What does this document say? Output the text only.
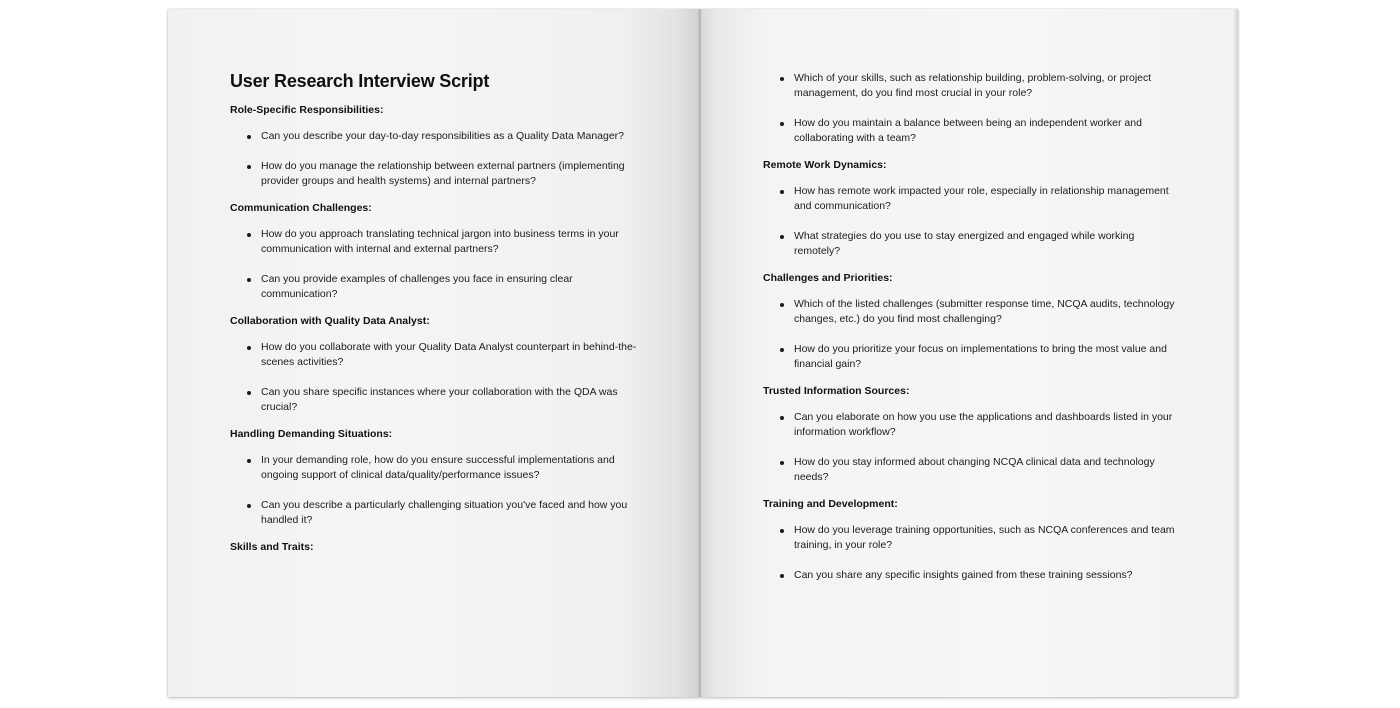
User Research Interview Script
Role-Specific Responsibilities:
Can you describe your day-to-day responsibilities as a Quality Data Manager?
How do you manage the relationship between external partners (implementing provider groups and health systems) and internal partners?
Communication Challenges:
How do you approach translating technical jargon into business terms in your communication with internal and external partners?
Can you provide examples of challenges you face in ensuring clear communication?
Collaboration with Quality Data Analyst:
How do you collaborate with your Quality Data Analyst counterpart in behind-the-scenes activities?
Can you share specific instances where your collaboration with the QDA was crucial?
Handling Demanding Situations:
In your demanding role, how do you ensure successful implementations and ongoing support of clinical data/quality/performance issues?
Can you describe a particularly challenging situation you've faced and how you handled it?
Skills and Traits:
Which of your skills, such as relationship building, problem-solving, or project management, do you find most crucial in your role?
How do you maintain a balance between being an independent worker and collaborating with a team?
Remote Work Dynamics:
How has remote work impacted your role, especially in relationship management and communication?
What strategies do you use to stay energized and engaged while working remotely?
Challenges and Priorities:
Which of the listed challenges (submitter response time, NCQA audits, technology changes, etc.) do you find most challenging?
How do you prioritize your focus on implementations to bring the most value and financial gain?
Trusted Information Sources:
Can you elaborate on how you use the applications and dashboards listed in your information workflow?
How do you stay informed about changing NCQA clinical data and technology needs?
Training and Development:
How do you leverage training opportunities, such as NCQA conferences and team training, in your role?
Can you share any specific insights gained from these training sessions?
